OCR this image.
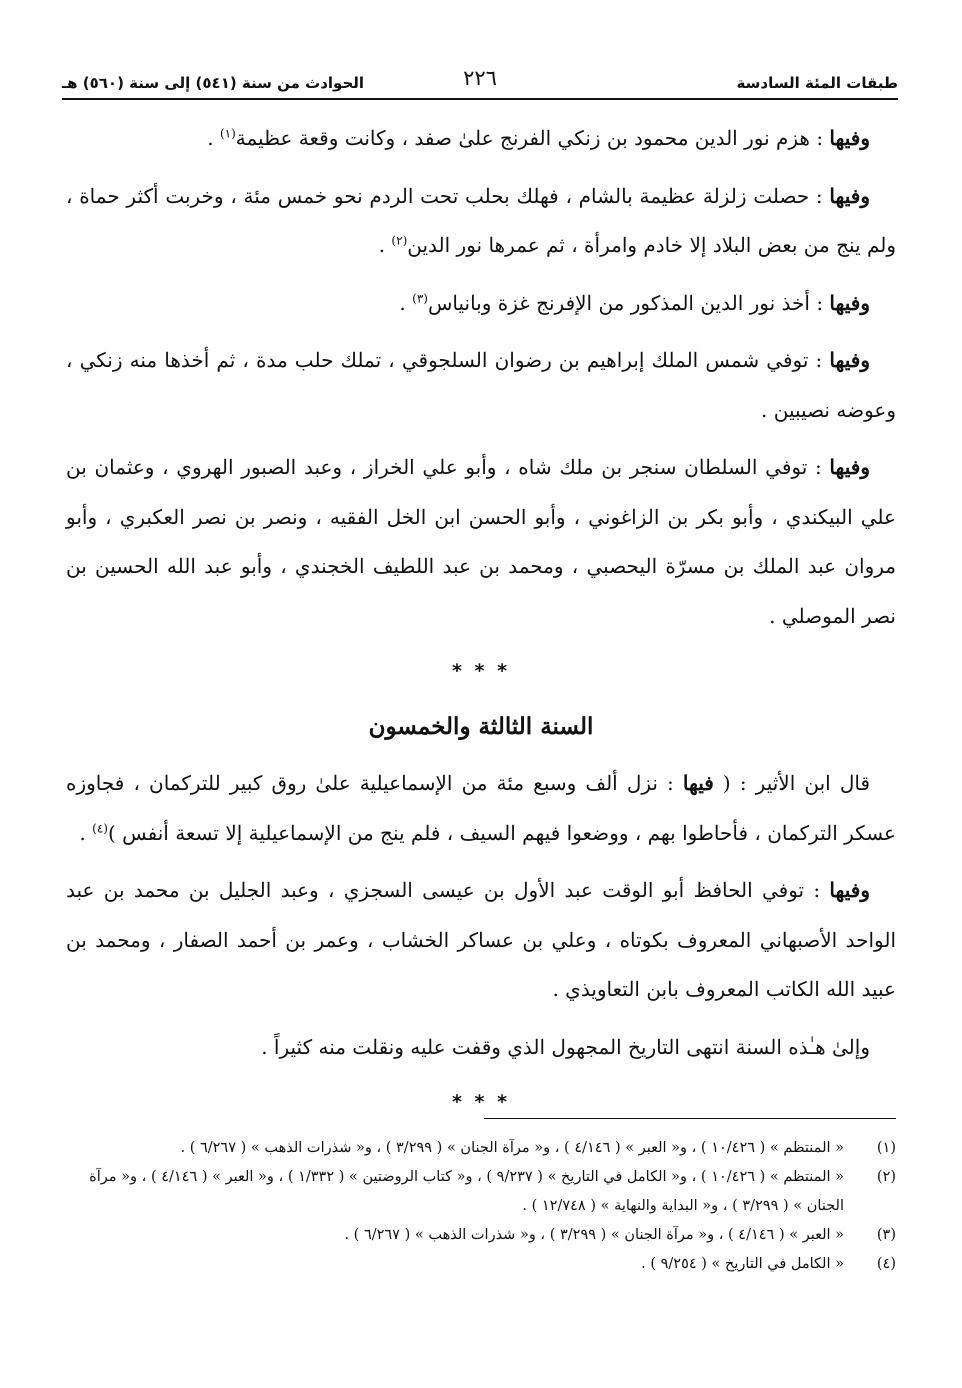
طبقات المئة السادسة
٢٢٦
الحوادث من سنة (٥٤١) إلى سنة (٥٦٠) هـ

وفيها : هزم نور الدين محمود بن زنكي الفرنج علىٰ صفد ، وكانت وقعة عظيمة$^{(١)}$ .

وفيها : حصلت زلزلة عظيمة بالشام ، فهلك بحلب تحت الردم نحو خمس مئة ، وخربت أكثر حماة ، ولم ينج من بعض البلاد إلا خادم وامرأة ، ثم عمرها نور الدين$^{(٢)}$ .

وفيها : أخذ نور الدين المذكور من الإفرنج غزة وبانياس$^{(٣)}$ .

وفيها : توفي شمس الملك إبراهيم بن رضوان السلجوقي ، تملك حلب مدة ، ثم أخذها منه زنكي ، وعوضه نصيبين .

وفيها : توفي السلطان سنجر بن ملك شاه ، وأبو علي الخراز ، وعبد الصبور الهروي ، وعثمان بن علي البيكندي ، وأبو بكر بن الزاغوني ، وأبو الحسن ابن الخل الفقيه ، ونصر بن نصر العكبري ، وأبو مروان عبد الملك بن مسرّة اليحصبي ، ومحمد بن عبد اللطيف الخجندي ، وأبو عبد الله الحسين بن نصر الموصلي .

* * *

السنة الثالثة والخمسون

قال ابن الأثير : ( فيها : نزل ألف وسبع مئة من الإسماعيلية علىٰ روق كبير للتركمان ، فجاوزه عسكر التركمان ، فأحاطوا بهم ، ووضعوا فيهم السيف ، فلم ينج من الإسماعيلية إلا تسعة أنفس )$^{(٤)}$ .

وفيها : توفي الحافظ أبو الوقت عبد الأول بن عيسى السجزي ، وعبد الجليل بن محمد بن عبد الواحد الأصبهاني المعروف بكوتاه ، وعلي بن عساكر الخشاب ، وعمر بن أحمد الصفار ، ومحمد بن عبيد الله الكاتب المعروف بابن التعاويذي .

وإلىٰ هـٰذه السنة انتهى التاريخ المجهول الذي وقفت عليه ونقلت منه كثيراً .

* * *

(١)
« المنتظم » ( ١٠/٤٢٦ ) ، و« العبر » ( ٤/١٤٦ ) ، و« مرآة الجنان » ( ٣/٢٩٩ ) ، و« شذرات الذهب » ( ٦/٢٦٧ ) .

(٢)
« المنتظم » ( ١٠/٤٢٦ ) ، و« الكامل في التاريخ » ( ٩/٢٣٧ ) ، و« كتاب الروضتين » ( ١/٣٣٢ ) ، و« العبر » ( ٤/١٤٦ ) ، و« مرآة الجنان » ( ٣/٢٩٩ ) ، و« البداية والنهاية » ( ١٢/٧٤٨ ) .

(٣)
« العبر » ( ٤/١٤٦ ) ، و« مرآة الجنان » ( ٣/٢٩٩ ) ، و« شذرات الذهب » ( ٦/٢٦٧ ) .

(٤)
« الكامل في التاريخ » ( ٩/٢٥٤ ) .
